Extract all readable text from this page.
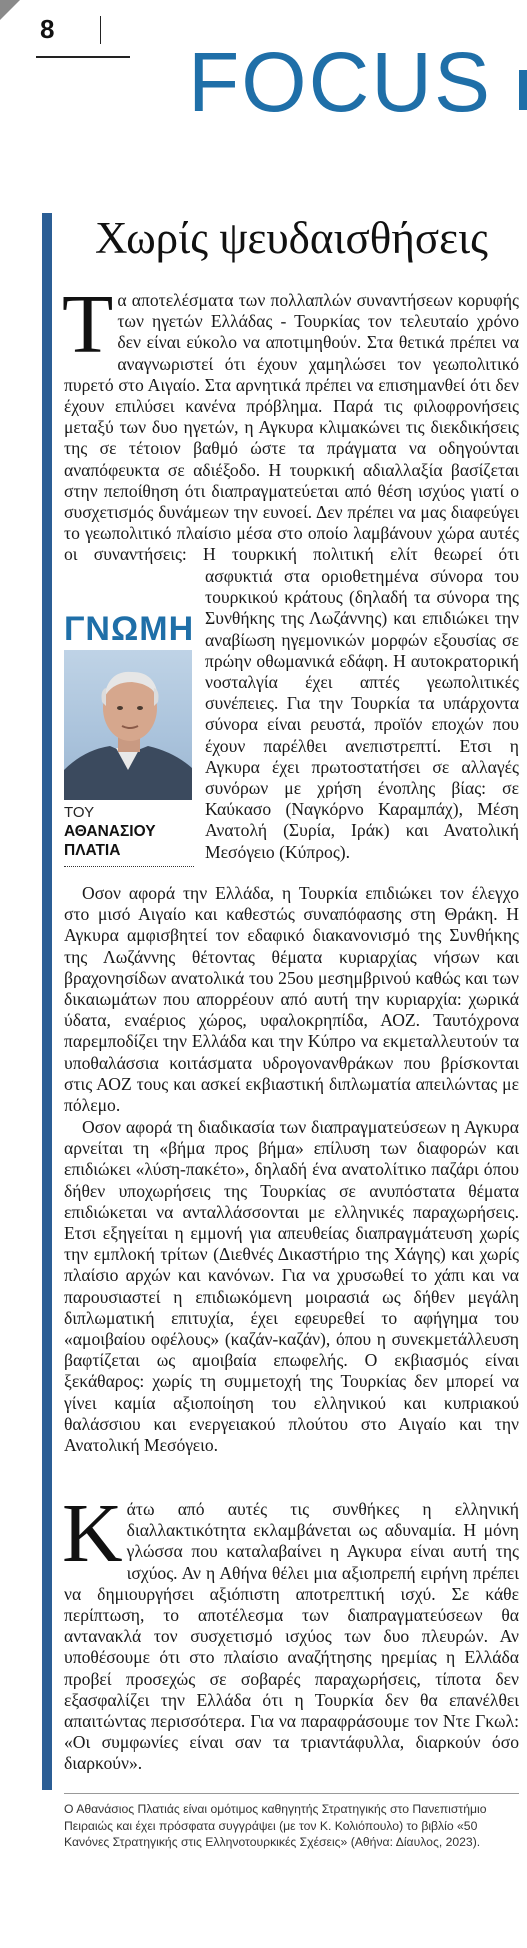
8
FOCUS
Χωρίς ψευδαισθήσεις

Τα αποτελέσματα των πολλαπλών συναντήσεων κορυφής των ηγετών Ελλάδας - Τουρκίας τον τελευταίο χρόνο δεν είναι εύκολο να αποτιμηθούν. Στα θετικά πρέπει να αναγνωριστεί ότι έχουν χαμηλώσει τον γεωπολιτικό πυρετό στο Αιγαίο. Στα αρνητικά πρέπει να επισημανθεί ότι δεν έχουν επιλύσει κανένα πρόβλημα. Παρά τις φιλοφρονήσεις μεταξύ των δυο ηγετών, η Αγκυρα κλιμακώνει τις διεκδικήσεις της σε τέτοιον βαθμό ώστε τα πράγματα να οδηγούνται αναπόφευκτα σε αδιέξοδο. Η τουρκική αδιαλλαξία βασίζεται στην πεποίθηση ότι διαπραγματεύεται από θέση ισχύος γιατί ο συσχετισμός δυνάμεων την ευνοεί. Δεν πρέπει να μας διαφεύγει το γεωπολιτικό πλαίσιο μέσα στο οποίο λαμβάνουν χώρα αυτές οι συναντήσεις: Η τουρκική πολιτική ελίτ θεωρεί ότι

ΓΝΩΜΗ
ΤΟΥ
ΑΘΑΝΑΣΙΟΥ ΠΛΑΤΙΑ

ασφυκτιά στα οριοθετημένα σύνορα του τουρκικού κράτους (δηλαδή τα σύνορα της Συνθήκης της Λωζάννης) και επιδιώκει την αναβίωση ηγεμονικών μορφών εξουσίας σε πρώην οθωμανικά εδάφη. Η αυτοκρατορική νοσταλγία έχει απτές γεωπολιτικές συνέπειες. Για την Τουρκία τα υπάρχοντα σύνορα είναι ρευστά, προϊόν εποχών που έχουν παρέλθει ανεπιστρεπτί. Ετσι η Αγκυρα έχει πρωτοστατήσει σε αλλαγές συνόρων με χρήση ένοπλης βίας: σε Καύκασο (Ναγκόρνο Καραμπάχ), Μέση Ανατολή (Συρία, Ιράκ) και Ανατολική Μεσόγειο (Κύπρος).

Οσον αφορά την Ελλάδα, η Τουρκία επιδιώκει τον έλεγχο στο μισό Αιγαίο και καθεστώς συναπόφασης στη Θράκη. Η Αγκυρα αμφισβητεί τον εδαφικό διακανονισμό της Συνθήκης της Λωζάννης θέτοντας θέματα κυριαρχίας νήσων και βραχονησίδων ανατολικά του 25ου μεσημβρινού καθώς και των δικαιωμάτων που απορρέουν από αυτή την κυριαρχία: χωρικά ύδατα, εναέριος χώρος, υφαλοκρηπίδα, ΑΟΖ. Ταυτόχρονα παρεμποδίζει την Ελλάδα και την Κύπρο να εκμεταλλευτούν τα υποθαλάσσια κοιτάσματα υδρογονανθράκων που βρίσκονται στις ΑΟΖ τους και ασκεί εκβιαστική διπλωματία απειλώντας με πόλεμο.

Οσον αφορά τη διαδικασία των διαπραγματεύσεων η Αγκυρα αρνείται τη «βήμα προς βήμα» επίλυση των διαφορών και επιδιώκει «λύση-πακέτο», δηλαδή ένα ανατολίτικο παζάρι όπου δήθεν υποχωρήσεις της Τουρκίας σε ανυπόστατα θέματα επιδιώκεται να ανταλλάσσονται με ελληνικές παραχωρήσεις. Ετσι εξηγείται η εμμονή για απευθείας διαπραγμάτευση χωρίς την εμπλοκή τρίτων (Διεθνές Δικαστήριο της Χάγης) και χωρίς πλαίσιο αρχών και κανόνων. Για να χρυσωθεί το χάπι και να παρουσιαστεί η επιδιωκόμενη μοιρασιά ως δήθεν μεγάλη διπλωματική επιτυχία, έχει εφευρεθεί το αφήγημα του «αμοιβαίου οφέλους» (καζάν-καζάν), όπου η συνεκμετάλλευση βαφτίζεται ως αμοιβαία επωφελής. Ο εκβιασμός είναι ξεκάθαρος: χωρίς τη συμμετοχή της Τουρκίας δεν μπορεί να γίνει καμία αξιοποίηση του ελληνικού και κυπριακού θαλάσσιου και ενεργειακού πλούτου στο Αιγαίο και την Ανατολική Μεσόγειο.

Κάτω από αυτές τις συνθήκες η ελληνική διαλλακτικότητα εκλαμβάνεται ως αδυναμία. Η μόνη γλώσσα που καταλαβαίνει η Αγκυρα είναι αυτή της ισχύος. Αν η Αθήνα θέλει μια αξιοπρεπή ειρήνη πρέπει να δημιουργήσει αξιόπιστη αποτρεπτική ισχύ. Σε κάθε περίπτωση, το αποτέλεσμα των διαπραγματεύσεων θα αντανακλά τον συσχετισμό ισχύος των δυο πλευρών. Αν υποθέσουμε ότι στο πλαίσιο αναζήτησης ηρεμίας η Ελλάδα προβεί προσεχώς σε σοβαρές παραχωρήσεις, τίποτα δεν εξασφαλίζει την Ελλάδα ότι η Τουρκία δεν θα επανέλθει απαιτώντας περισσότερα. Για να παραφράσουμε τον Ντε Γκωλ: «Οι συμφωνίες είναι σαν τα τριαντάφυλλα, διαρκούν όσο διαρκούν».

Ο Αθανάσιος Πλατιάς είναι ομότιμος καθηγητής Στρατηγικής στο Πανεπιστήμιο Πειραιώς και έχει πρόσφατα συγγράψει (με τον Κ. Κολιόπουλο) το βιβλίο «50 Κανόνες Στρατηγικής στις Ελληνοτουρκικές Σχέσεις» (Αθήνα: Δίαυλος, 2023).
